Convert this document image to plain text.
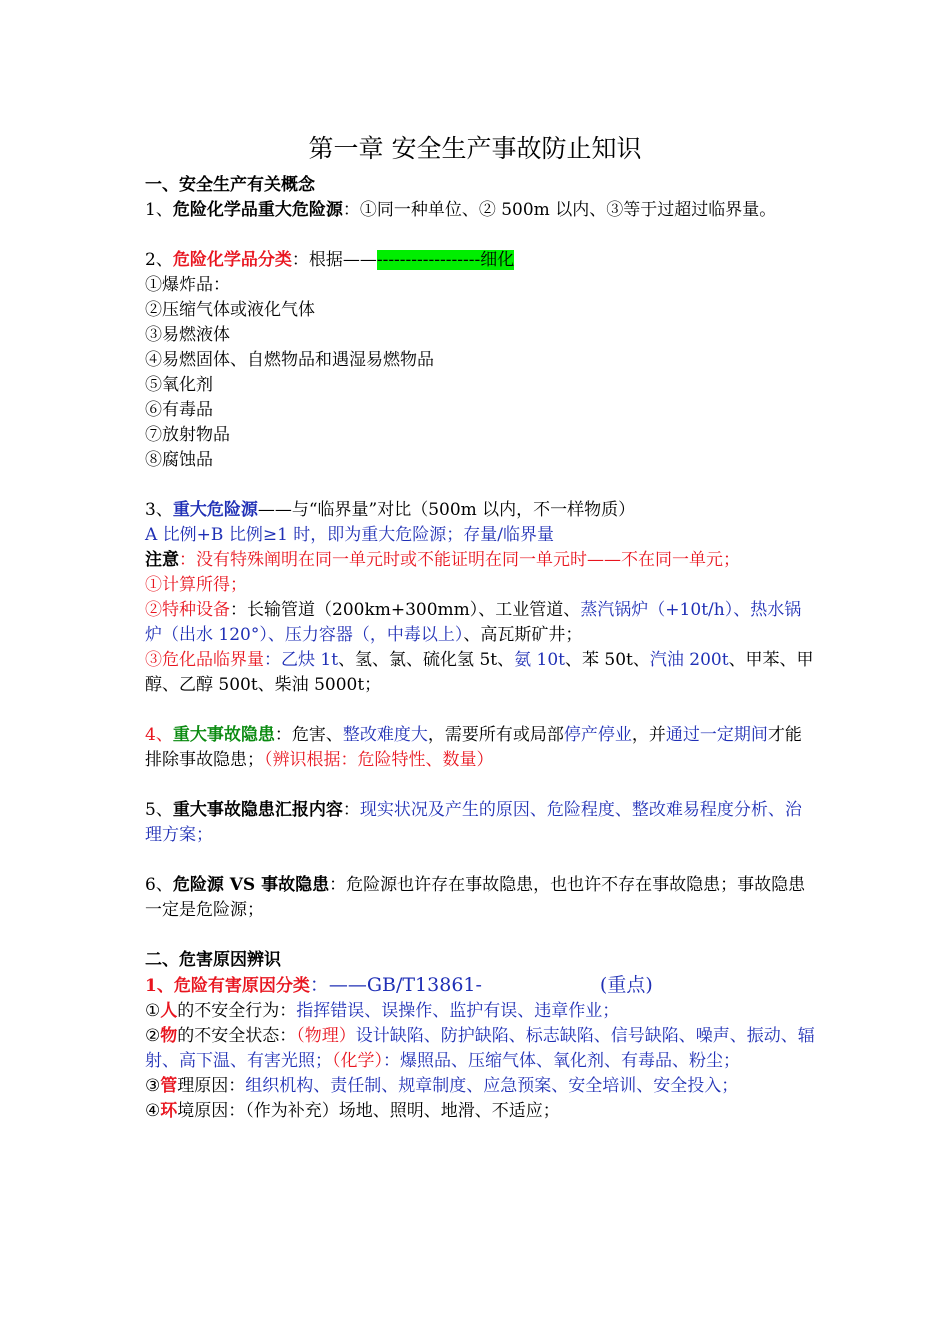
第一章 安全生产事故防止知识

一、安全生产有关概念

1、危险化学品重大危险源：①同一种单位、② 500m 以内、③等于过超过临界量。

2、危险化学品分类：根据——------------------细化

①爆炸品：

②压缩气体或液化气体

③易燃液体

④易燃固体、自燃物品和遇湿易燃物品

⑤氧化剂

⑥有毒品

⑦放射物品

⑧腐蚀品

3、重大危险源——与“临界量”对比（500m 以内，不一样物质）

A 比例+B 比例≥1 时，即为重大危险源；存量/临界量

注意：没有特殊阐明在同一单元时或不能证明在同一单元时——不在同一单元；

①计算所得；

②特种设备：长输管道（200km+300mm）、工业管道、蒸汽锅炉（+10t/h）、热水锅炉（出水 120°）、压力容器（，中毒以上）、高瓦斯矿井；

③危化品临界量：乙炔 1t、氢、氯、硫化氢 5t、氨 10t、苯 50t、汽油 200t、甲苯、甲醇、乙醇 500t、柴油 5000t；

4、重大事故隐患：危害、整改难度大，需要所有或局部停产停业，并通过一定期间才能排除事故隐患；（辨识根据：危险特性、数量）

5、重大事故隐患汇报内容：现实状况及产生的原因、危险程度、整改难易程度分析、治理方案；

6、危险源 VS 事故隐患：危险源也许存在事故隐患，也也许不存在事故隐患；事故隐患一定是危险源；

二、危害原因辨识

1、危险有害原因分类：——GB/T13861-	(重点)

①人的不安全行为：指挥错误、误操作、监护有误、违章作业；

②物的不安全状态：（物理）设计缺陷、防护缺陷、标志缺陷、信号缺陷、噪声、振动、辐射、高下温、有害光照；（化学）：爆照品、压缩气体、氧化剂、有毒品、粉尘；

③管理原因：组织机构、责任制、规章制度、应急预案、安全培训、安全投入；

④环境原因：（作为补充）场地、照明、地滑、不适应；
